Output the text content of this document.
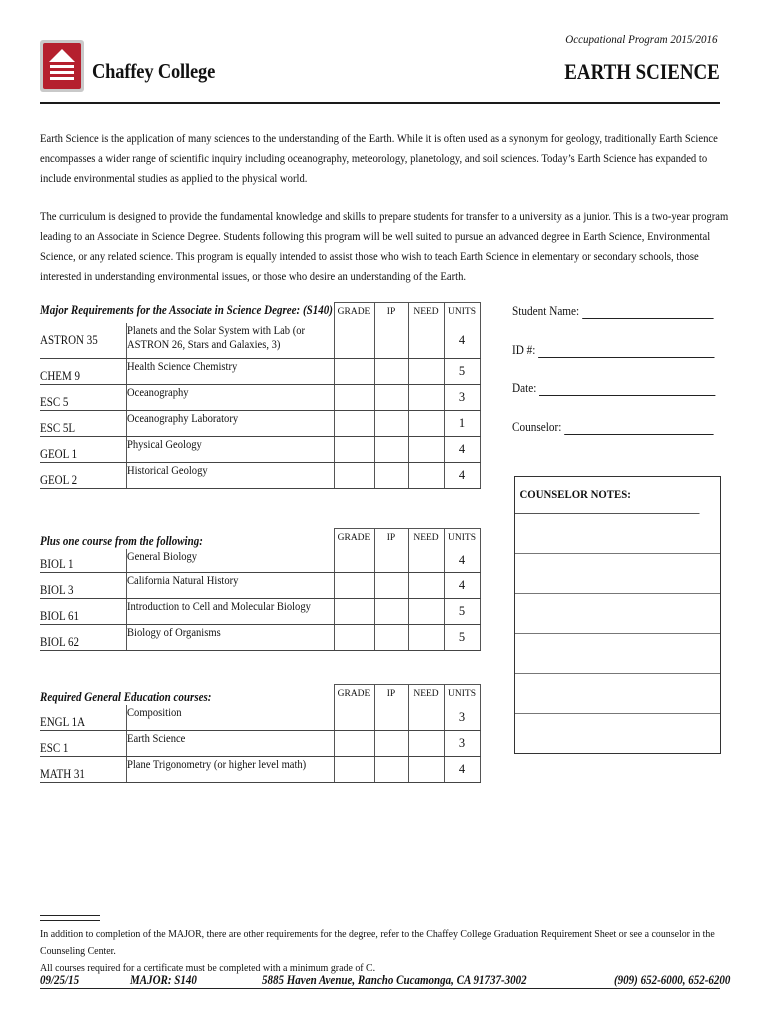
Chaffey College
Occupational Program 2015/2016
EARTH SCIENCE
Earth Science is the application of many sciences to the understanding of the Earth. While it is often used as a synonym for geology, traditionally Earth Science encompasses a wider range of scientific inquiry including oceanography, meteorology, planetology, and soil sciences. Today’s Earth Science has expanded to include environmental studies as applied to the physical world.
The curriculum is designed to provide the fundamental knowledge and skills to prepare students for transfer to a university as a junior. This is a two-year program leading to an Associate in Science Degree. Students following this program will be well suited to pursue an advanced degree in Earth Science, Environmental Science, or any related science. This program is equally intended to assist those who wish to teach Earth Science in elementary or secondary schools, those interested in understanding environmental issues, or those who desire an understanding of the Earth.
Major Requirements for the Associate in Science Degree: (S140)		GRADE	IP	NEED	UNITS
ASTRON 35	Planets and the Solar System with Lab (or
ASTRON 26, Stars and Galaxies, 3)				4
CHEM 9	Health Science Chemistry				5
ESC 5	Oceanography				3
ESC 5L	Oceanography Laboratory				1
GEOL 1	Physical Geology				4
GEOL 2	Historical Geology				4
Plus one course from the following:		GRADE	IP	NEED	UNITS
BIOL 1	General Biology				4
BIOL 3	California Natural History				4
BIOL 61	Introduction to Cell and Molecular Biology				5
BIOL 62	Biology of Organisms				5
Required General Education courses:		GRADE	IP	NEED	UNITS
ENGL 1A	Composition				3
ESC 1	Earth Science				3
MATH 31	Plane Trigonometry (or higher level math)				4
Student Name:
ID #:
Date:
Counselor:
COUNSELOR NOTES:
In addition to completion of the MAJOR, there are other requirements for the degree, refer to the Chaffey College Graduation Requirement Sheet or see a counselor in the Counseling Center.
All courses required for a certificate must be completed with a minimum grade of C.
09/25/15	MAJOR: S140	5885 Haven Avenue, Rancho Cucamonga, CA 91737-3002	(909) 652-6000, 652-6200
